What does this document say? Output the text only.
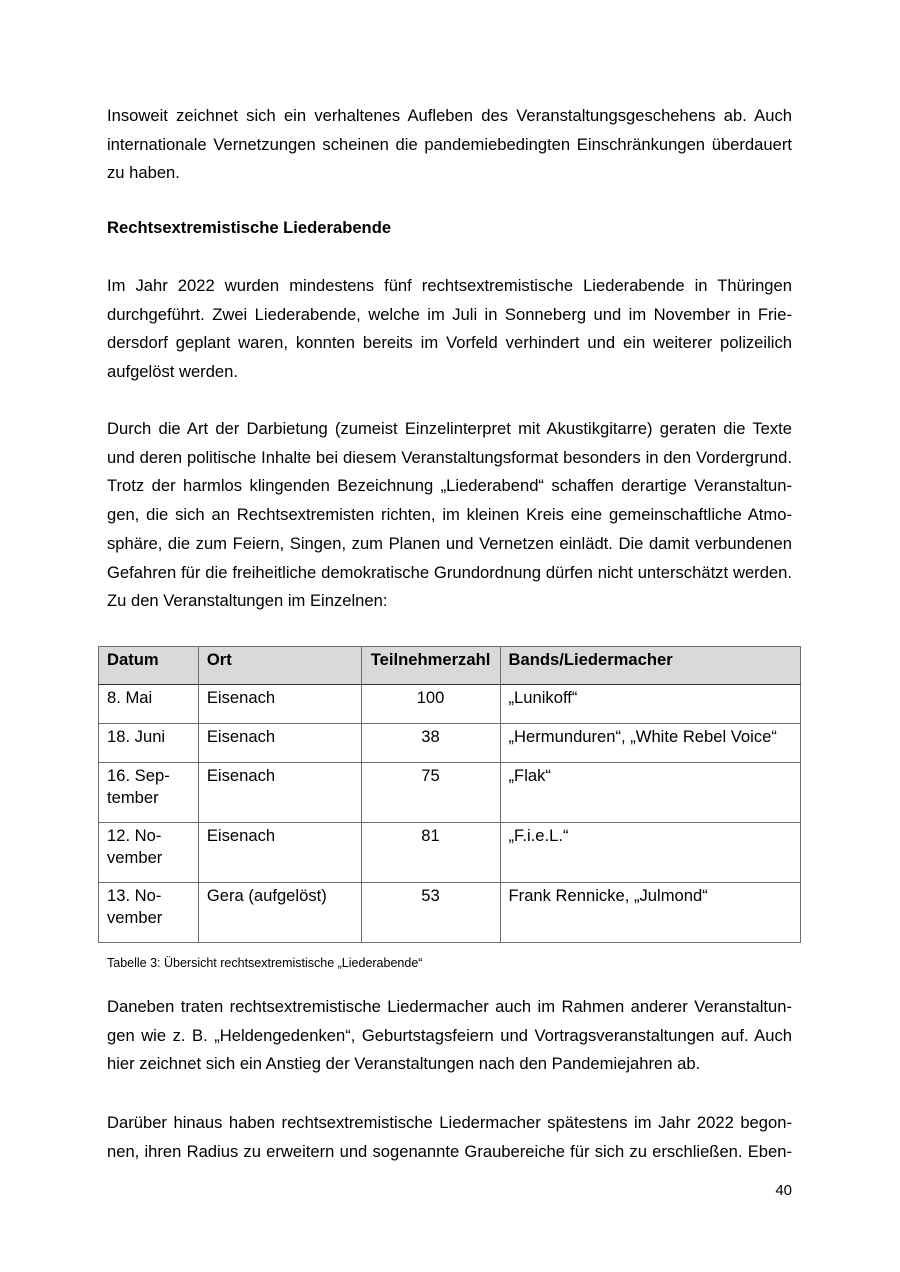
Insoweit zeichnet sich ein verhaltenes Aufleben des Veranstaltungsgeschehens ab. Auch
internationale Vernetzungen scheinen die pandemiebedingten Einschränkungen überdauert
zu haben.

Rechtsextremistische Liederabende

Im Jahr 2022 wurden mindestens fünf rechtsextremistische Liederabende in Thüringen
durchgeführt. Zwei Liederabende, welche im Juli in Sonneberg und im November in Frie-
dersdorf geplant waren, konnten bereits im Vorfeld verhindert und ein weiterer polizeilich
aufgelöst werden.

Durch die Art der Darbietung (zumeist Einzelinterpret mit Akustikgitarre) geraten die Texte
und deren politische Inhalte bei diesem Veranstaltungsformat besonders in den Vordergrund.
Trotz der harmlos klingenden Bezeichnung „Liederabend“ schaffen derartige Veranstaltun-
gen, die sich an Rechtsextremisten richten, im kleinen Kreis eine gemeinschaftliche Atmo-
sphäre, die zum Feiern, Singen, zum Planen und Vernetzen einlädt. Die damit verbundenen
Gefahren für die freiheitliche demokratische Grundordnung dürfen nicht unterschätzt werden.
Zu den Veranstaltungen im Einzelnen:

Datum	Ort	Teilnehmerzahl	Bands/Liedermacher
8. Mai	Eisenach	100	„Lunikoff“
18. Juni	Eisenach	38	„Hermunduren“, „White Rebel Voice“
16. Sep-tember	Eisenach	75	„Flak“
12. No-vember	Eisenach	81	„F.i.e.L.“
13. No-vember	Gera (aufgelöst)	53	Frank Rennicke, „Julmond“

Tabelle 3: Übersicht rechtsextremistische „Liederabende“

Daneben traten rechtsextremistische Liedermacher auch im Rahmen anderer Veranstaltun-
gen wie z. B. „Heldengedenken“, Geburtstagsfeiern und Vortragsveranstaltungen auf. Auch
hier zeichnet sich ein Anstieg der Veranstaltungen nach den Pandemiejahren ab.

Darüber hinaus haben rechtsextremistische Liedermacher spätestens im Jahr 2022 begon-
nen, ihren Radius zu erweitern und sogenannte Graubereiche für sich zu erschließen. Eben-

40
